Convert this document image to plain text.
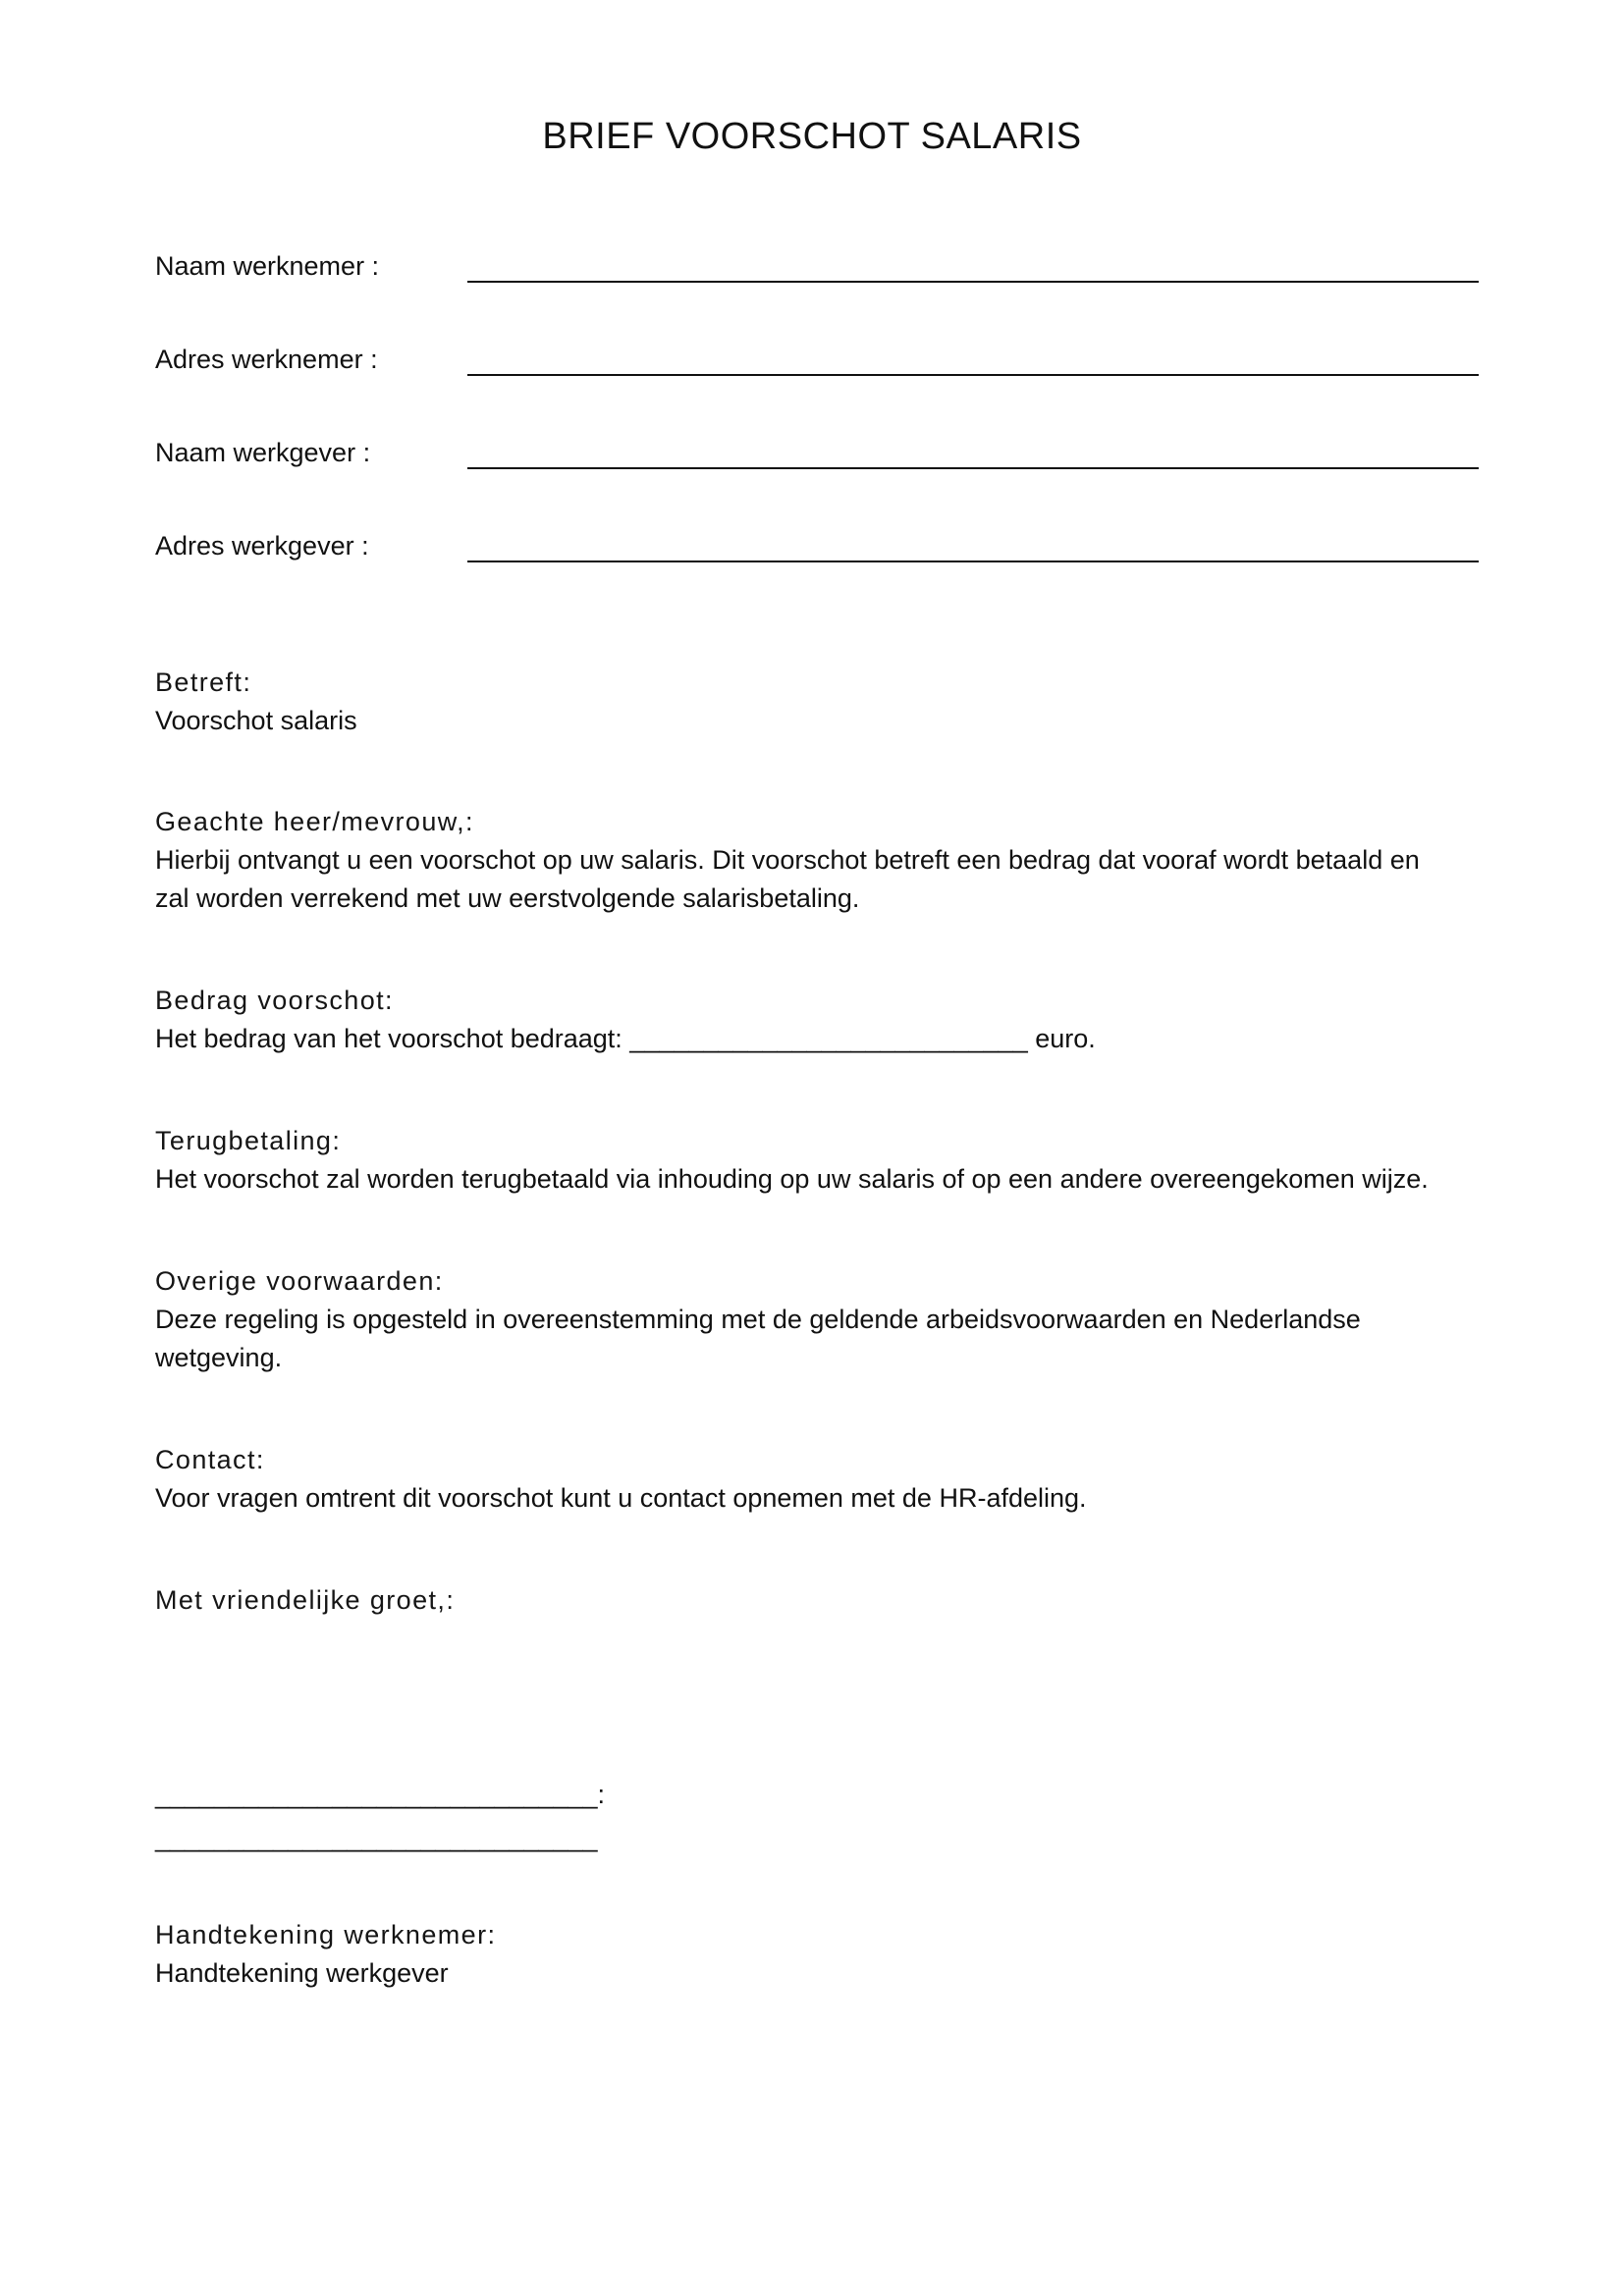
BRIEF VOORSCHOT SALARIS
Naam werknemer :
Adres werknemer :
Naam werkgever :
Adres werkgever :
Betreft:
Voorschot salaris
Geachte heer/mevrouw,:
Hierbij ontvangt u een voorschot op uw salaris. Dit voorschot betreft een bedrag dat vooraf wordt betaald en
zal worden verrekend met uw eerstvolgende salarisbetaling.
Bedrag voorschot:
Het bedrag van het voorschot bedraagt: ___________________________ euro.
Terugbetaling:
Het voorschot zal worden terugbetaald via inhouding op uw salaris of op een andere overeengekomen wijze.
Overige voorwaarden:
Deze regeling is opgesteld in overeenstemming met de geldende arbeidsvoorwaarden en Nederlandse
wetgeving.
Contact:
Voor vragen omtrent dit voorschot kunt u contact opnemen met de HR-afdeling.
Met vriendelijke groet,:
______________________________:
______________________________
Handtekening werknemer:
Handtekening werkgever
